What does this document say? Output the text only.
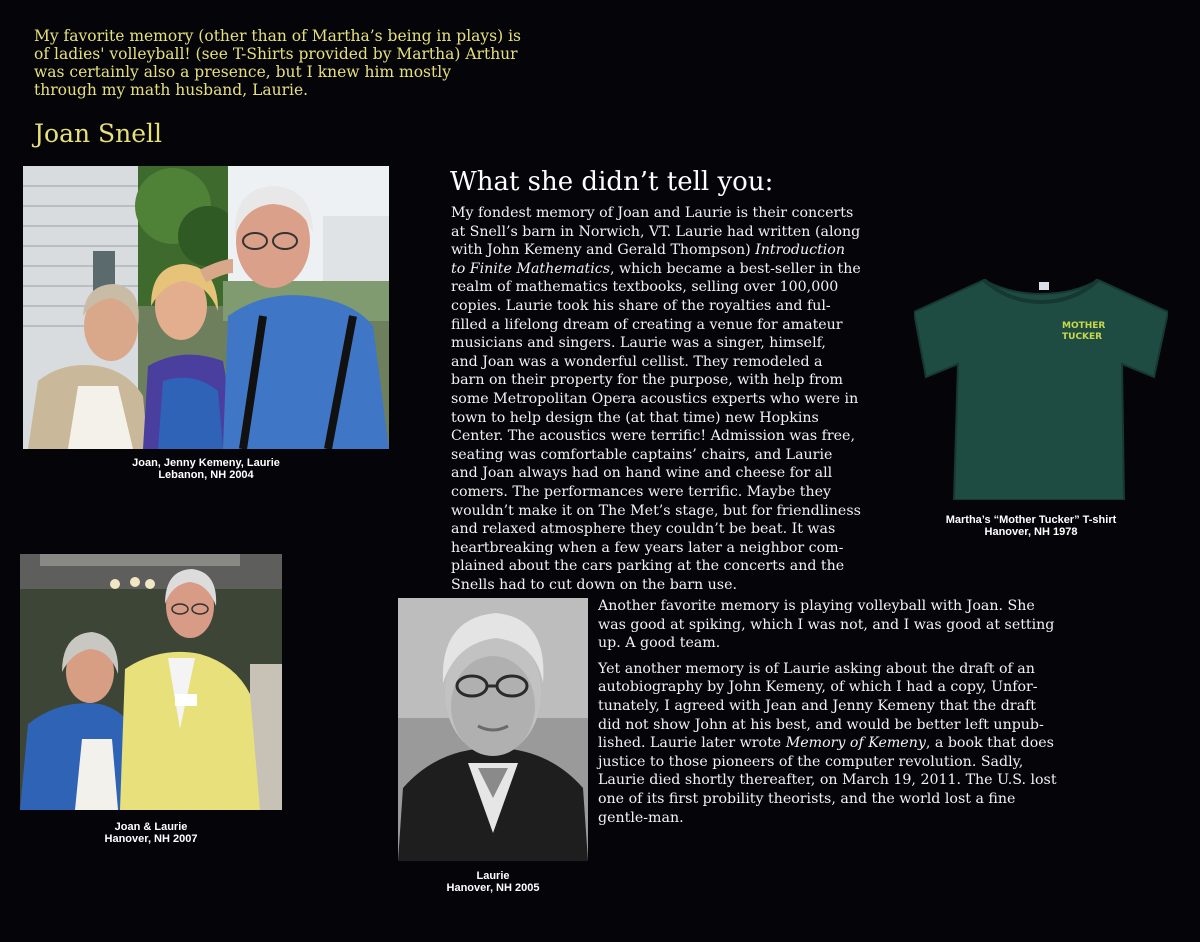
My favorite memory (other than of Martha’s being in plays) is
of ladies' volleyball! (see T-Shirts provided by Martha) Arthur
was certainly also a presence, but I knew him mostly
through my math husband, Laurie.
Joan Snell
Joan, Jenny Kemeny, Laurie
Lebanon, NH 2004
Joan & Laurie
Hanover, NH 2007
Laurie
Hanover, NH 2005
MOTHER
TUCKER
Martha’s “Mother Tucker” T-shirt
Hanover, NH 1978
What she didn’t tell you:
My fondest memory of Joan and Laurie is their concerts
at Snell’s barn in Norwich, VT. Laurie had written (along
with John Kemeny and Gerald Thompson) Introduction
to Finite Mathematics, which became a best-seller in the
realm of mathematics textbooks, selling over 100,000
copies. Laurie took his share of the royalties and ful-
filled a lifelong dream of creating a venue for amateur
musicians and singers. Laurie was a singer, himself,
and Joan was a wonderful cellist. They remodeled a
barn on their property for the purpose, with help from
some Metropolitan Opera acoustics experts who were in
town to help design the (at that time) new Hopkins
Center. The acoustics were terrific! Admission was free,
seating was comfortable captains’ chairs, and Laurie
and Joan always had on hand wine and cheese for all
comers. The performances were terrific. Maybe they
wouldn’t make it on The Met’s stage, but for friendliness
and relaxed atmosphere they couldn’t be beat. It was
heartbreaking when a few years later a neighbor com-
plained about the cars parking at the concerts and the
Snells had to cut down on the barn use.

Another favorite memory is playing volleyball with Joan. She
was good at spiking, which I was not, and I was good at setting
up. A good team.

Yet another memory is of Laurie asking about the draft of an
autobiography by John Kemeny, of which I had a copy, Unfor-
tunately, I agreed with Jean and Jenny Kemeny that the draft
did not show John at his best, and would be better left unpub-
lished. Laurie later wrote Memory of Kemeny, a book that does
justice to those pioneers of the computer revolution. Sadly,
Laurie died shortly thereafter, on March 19, 2011. The U.S. lost
one of its first probility theorists, and the world lost a fine
gentle-man.
